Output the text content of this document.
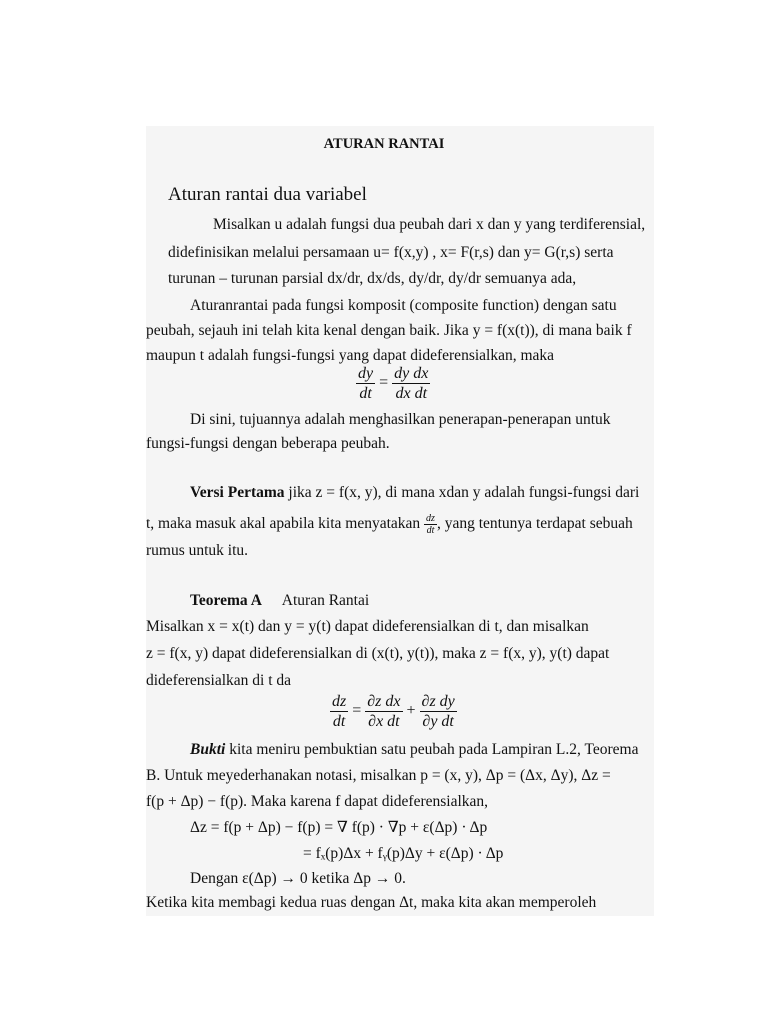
ATURAN RANTAI
Aturan rantai dua variabel
Misalkan u adalah fungsi dua peubah dari x dan y yang terdiferensial,
didefinisikan melalui persamaan u= f(x,y) , x= F(r,s) dan y= G(r,s) serta
turunan – turunan parsial dx/dr, dx/ds, dy/dr, dy/dr semuanya ada,
Aturanrantai pada fungsi komposit (composite function) dengan satu
peubah, sejauh ini telah kita kenal dengan baik. Jika y = f(x(t)), di mana baik f
maupun t adalah fungsi-fungsi yang dapat dideferensialkan, maka
$\frac{dy}{dt} = \frac{\text{dy dx}}{\text{dx dt}}$
Di sini, tujuannya adalah menghasilkan penerapan-penerapan untuk
fungsi-fungsi dengan beberapa peubah.
Versi Pertama jika z = f(x, y), di mana xdan y adalah fungsi-fungsi dari
t, maka masuk akal apabila kita menyatakan $\frac{dz}{dt}$ , yang tentunya terdapat sebuah
rumus untuk itu.
Teorema A Aturan Rantai
Misalkan x = x(t) dan y = y(t) dapat dideferensialkan di t, dan misalkan
z = f(x, y) dapat dideferensialkan di (x(t), y(t)), maka z = f(x, y), y(t) dapat
dideferensialkan di t da
$\frac{dz}{dt} = \frac{\text{∂z dx}}{\text{∂x dt}} + \frac{\text{∂z dy}}{\text{∂y dt}}$
Bukti kita meniru pembuktian satu peubah pada Lampiran L.2, Teorema
B. Untuk meyederhanakan notasi, misalkan p = (x, y), Δp = (Δx, Δy), Δz =
f(p + Δp) − f(p). Maka karena f dapat dideferensialkan,
Δz = f(p + Δp) − f(p) = ∇ f(p) · ∇p + ε(Δp) · Δp
= fₓ(p)Δx + fᵧ(p)Δy + ε(Δp) · Δp
Dengan ε(Δp) → 0 ketika Δp → 0.
Ketika kita membagi kedua ruas dengan Δt, maka kita akan memperoleh
